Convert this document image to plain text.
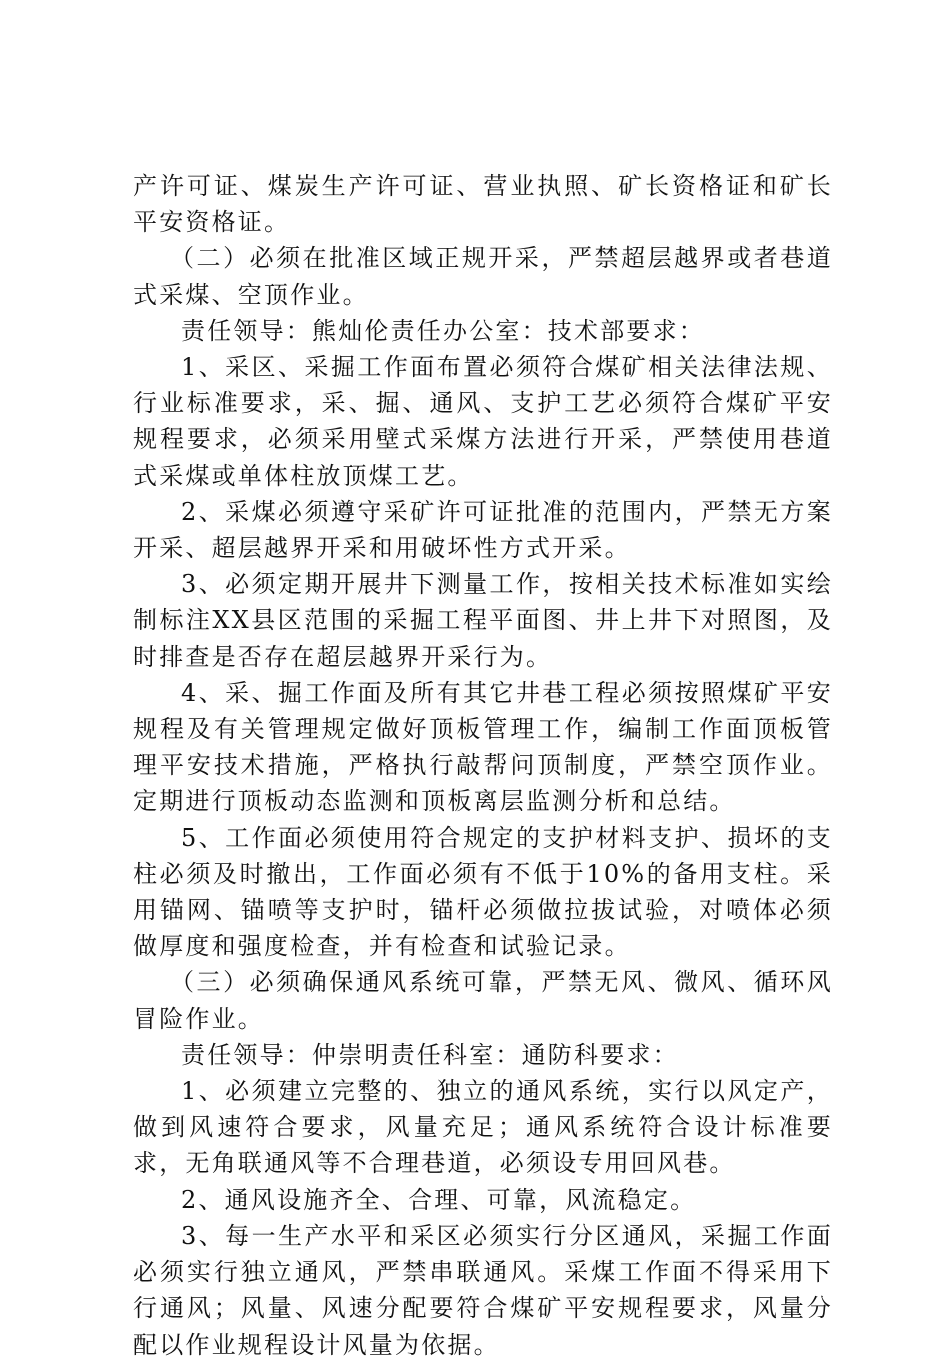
产许可证、煤炭生产许可证、营业执照、矿长资格证和矿长平安资格证。

（二）必须在批准区域正规开采，严禁超层越界或者巷道式采煤、空顶作业。

责任领导：熊灿伦责任办公室：技术部要求：

1、采区、采掘工作面布置必须符合煤矿相关法律法规、行业标准要求，采、掘、通风、支护工艺必须符合煤矿平安规程要求，必须采用壁式采煤方法进行开采，严禁使用巷道式采煤或单体柱放顶煤工艺。

2、采煤必须遵守采矿许可证批准的范围内，严禁无方案开采、超层越界开采和用破坏性方式开采。

3、必须定期开展井下测量工作，按相关技术标准如实绘制标注XX县区范围的采掘工程平面图、井上井下对照图，及时排查是否存在超层越界开采行为。

4、采、掘工作面及所有其它井巷工程必须按照煤矿平安规程及有关管理规定做好顶板管理工作，编制工作面顶板管理平安技术措施，严格执行敲帮问顶制度，严禁空顶作业。定期进行顶板动态监测和顶板离层监测分析和总结。

5、工作面必须使用符合规定的支护材料支护、损坏的支柱必须及时撤出，工作面必须有不低于10%的备用支柱。采用锚网、锚喷等支护时，锚杆必须做拉拔试验，对喷体必须做厚度和强度检查，并有检查和试验记录。

（三）必须确保通风系统可靠，严禁无风、微风、循环风冒险作业。

责任领导：仲崇明责任科室：通防科要求：

1、必须建立完整的、独立的通风系统，实行以风定产，做到风速符合要求，风量充足；通风系统符合设计标准要求，无角联通风等不合理巷道，必须设专用回风巷。

2、通风设施齐全、合理、可靠，风流稳定。

3、每一生产水平和采区必须实行分区通风，采掘工作面必须实行独立通风，严禁串联通风。采煤工作面不得采用下行通风；风量、风速分配要符合煤矿平安规程要求，风量分配以作业规程设计风量为依据。
